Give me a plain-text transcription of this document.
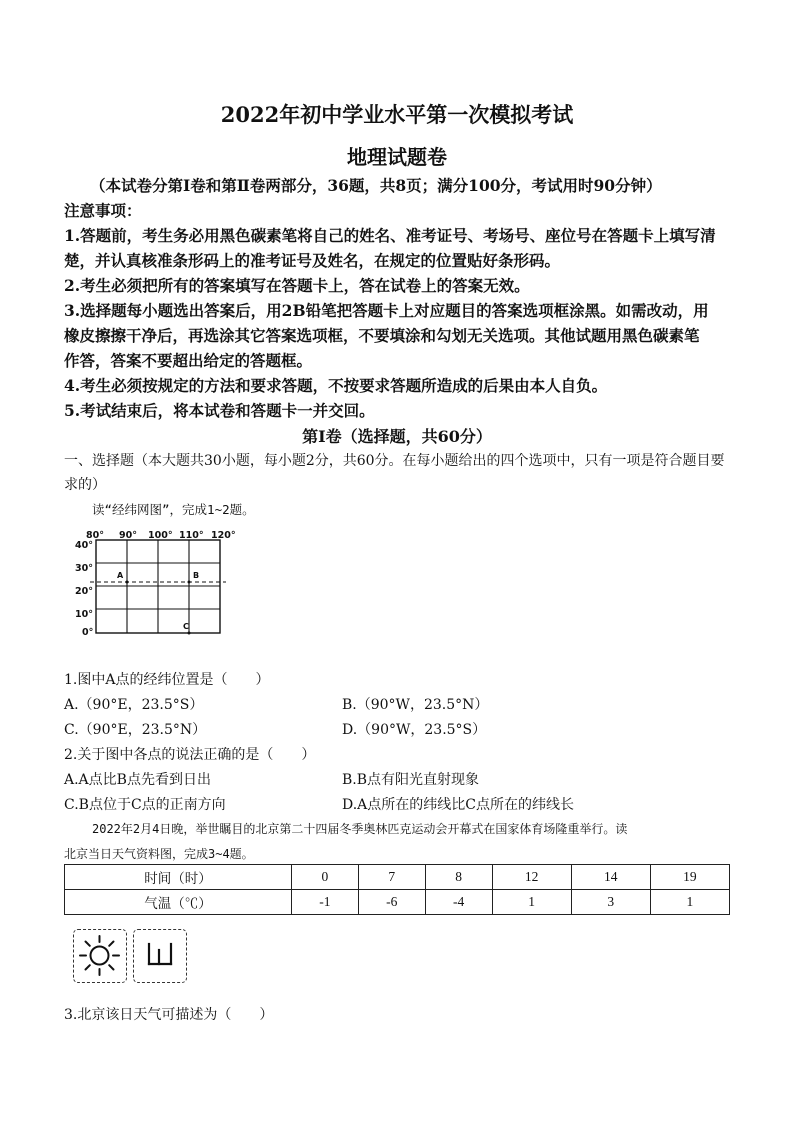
2022年初中学业水平第一次模拟考试
地理试题卷
（本试卷分第Ⅰ卷和第Ⅱ卷两部分，36题，共8页；满分100分，考试用时90分钟）
注意事项：
1.答题前，考生务必用黑色碳素笔将自己的姓名、准考证号、考场号、座位号在答题卡上填写清
楚，并认真核准条形码上的准考证号及姓名，在规定的位置贴好条形码。
2.考生必须把所有的答案填写在答题卡上，答在试卷上的答案无效。
3.选择题每小题选出答案后，用2B铅笔把答题卡上对应题目的答案选项框涂黑。如需改动，用
橡皮擦擦干净后，再选涂其它答案选项框，不要填涂和勾划无关选项。其他试题用黑色碳素笔
作答，答案不要超出给定的答题框。
4.考生必须按规定的方法和要求答题，不按要求答题所造成的后果由本人自负。
5.考试结束后，将本试卷和答题卡一并交回。
第Ⅰ卷（选择题，共60分）
一、选择题（本大题共30小题，每小题2分，共60分。在每小题给出的四个选项中，只有一项是符合题目要
求的）
读“经纬网图”，完成1~2题。
80° 90° 100° 110° 120°
40°
30°
20°
10°
0°
A	B
C
1.图中A点的经纬位置是（　　）
A.（90°E，23.5°S）	B.（90°W，23.5°N）
C.（90°E，23.5°N）	D.（90°W，23.5°S）
2.关于图中各点的说法正确的是（　　）
A.A点比B点先看到日出	B.B点有阳光直射现象
C.B点位于C点的正南方向	D.A点所在的纬线比C点所在的纬线长
2022年2月4日晚，举世瞩目的北京第二十四届冬季奥林匹克运动会开幕式在国家体育场隆重举行。读
北京当日天气资料图，完成3~4题。
时间（时）	0	7	8	12	14	19
气温（℃）	-1	-6	-4	1	3	1
3.北京该日天气可描述为（　　）
